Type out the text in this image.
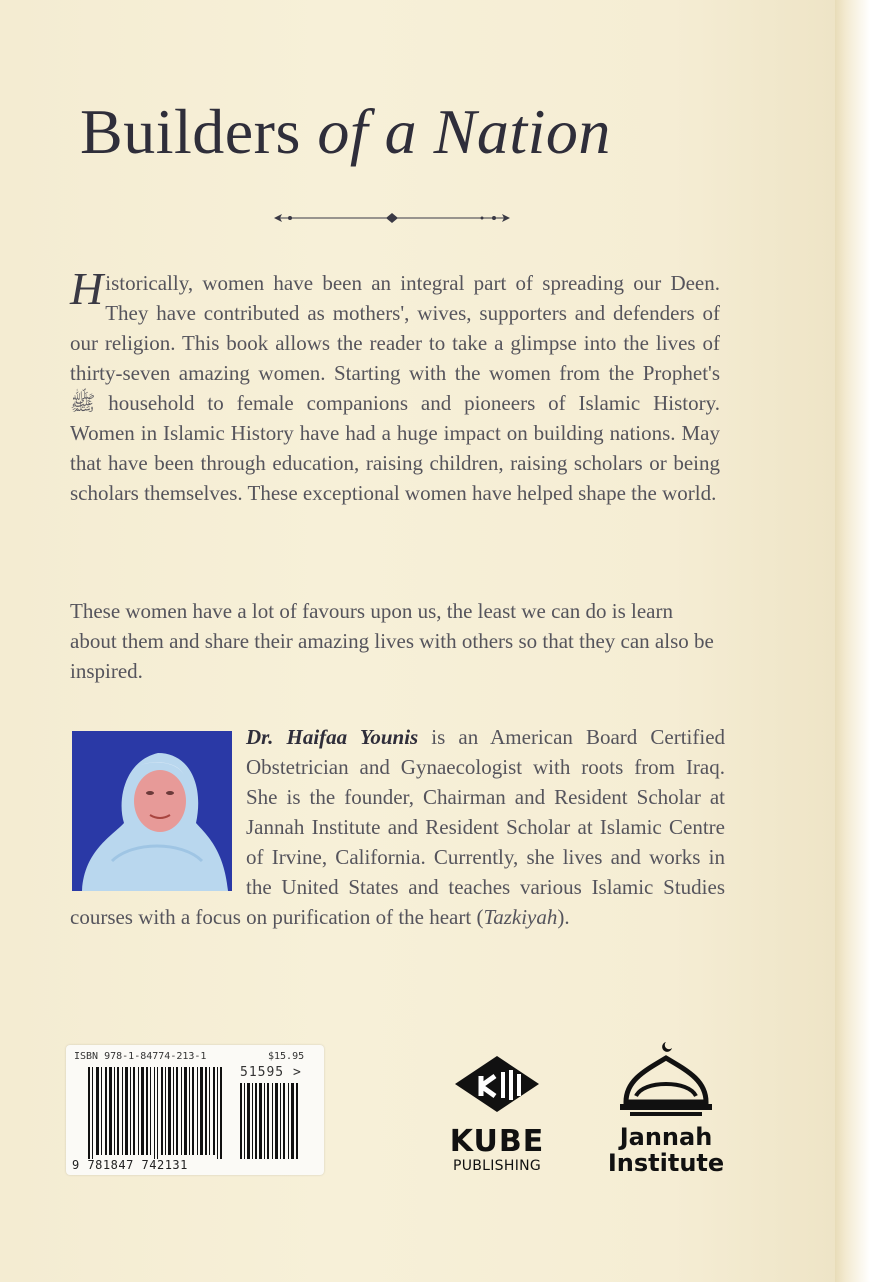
Builders of a Nation
Historically, women have been an integral part of spreading our Deen. They have contributed as mothers', wives, supporters and defenders of our religion. This book allows the reader to take a glimpse into the lives of thirty-seven amazing women. Starting with the women from the Prophet's ﷺ household to female companions and pioneers of Islamic History. Women in Islamic History have had a huge impact on building nations. May that have been through education, raising children, raising scholars or being scholars themselves. These exceptional women have helped shape the world.
These women have a lot of favours upon us, the least we can do is learn about them and share their amazing lives with others so that they can also be inspired.
Dr. Haifaa Younis is an American Board Certified Obstetrician and Gynaecologist with roots from Iraq. She is the founder, Chairman and Resident Scholar at Jannah Institute and Resident Scholar at Islamic Centre of Irvine, California. Currently, she lives and works in the United States and teaches various Islamic Studies courses with a focus on purification of the heart (Tazkiyah).
ISBN 978-1-84774-213-1	$15.95
51595 >
9 781847 742131
KUBE
PUBLISHING
Jannah
Institute
